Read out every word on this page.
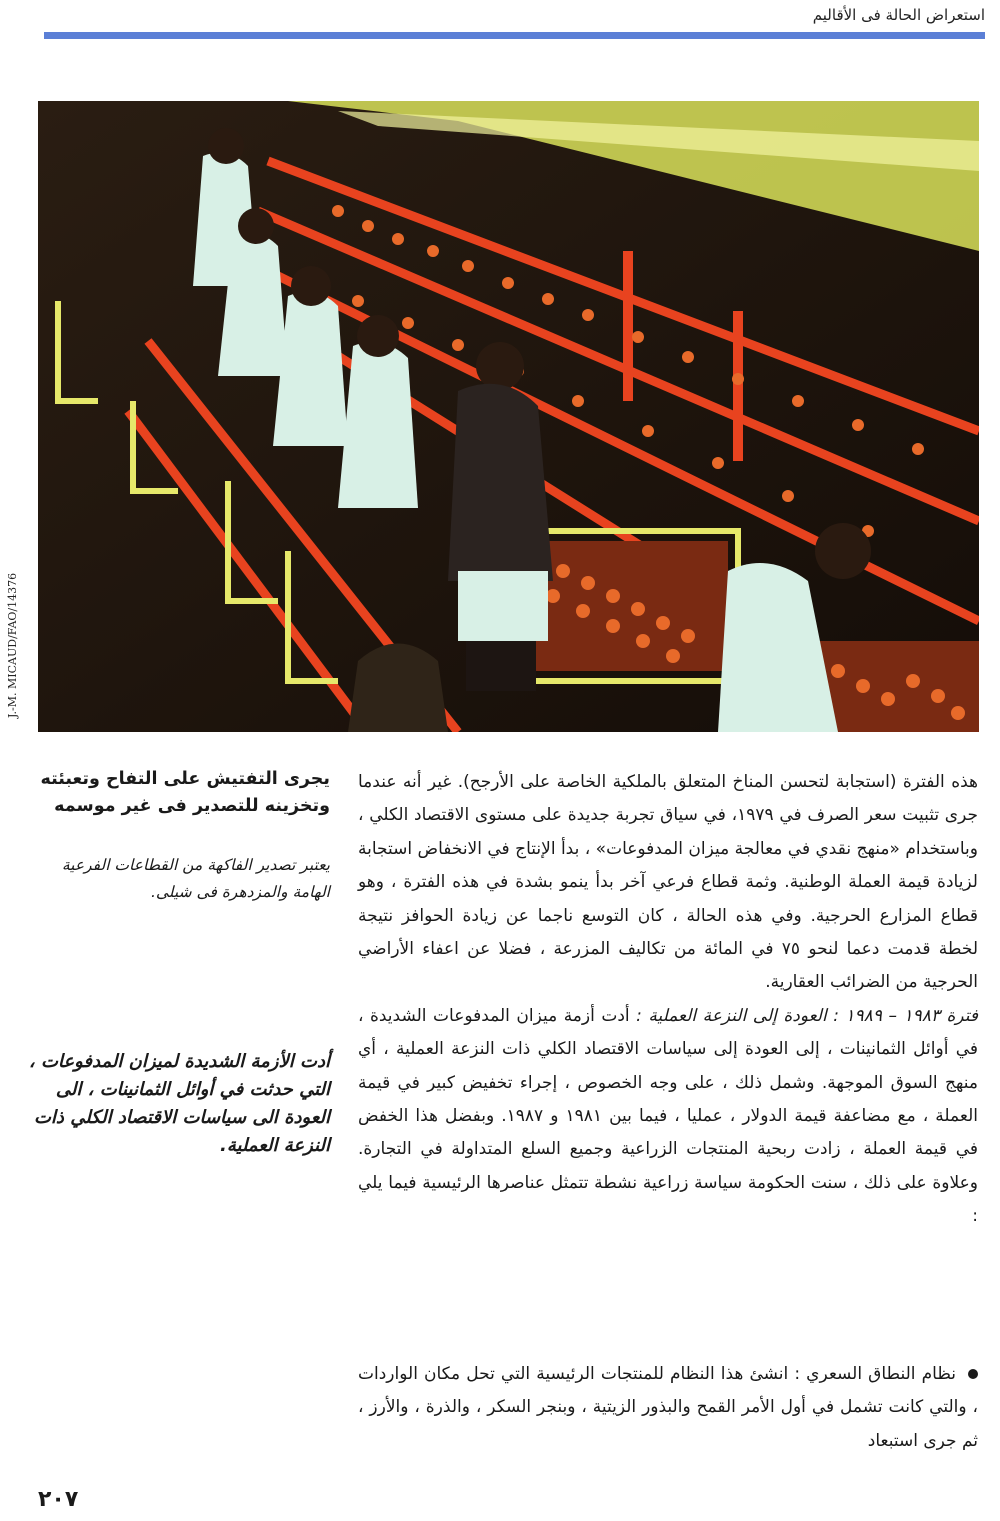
استعراض الحالة فى الأقاليم
J.-M. MICAUD/FAO/14376
يجرى التفتيش على التفاح وتعبئته وتخزينه للتصدير فى غير موسمه
يعتبر تصدير الفاكهة من القطاعات الفرعية الهامة والمزدهرة فى شيلى.
أدت الأزمة الشديدة لميزان المدفوعات ، التي حدثت في أوائل الثمانينات ، الى العودة الى سياسات الاقتصاد الكلي ذات النزعة العملية.

هذه الفترة (استجابة لتحسن المناخ المتعلق بالملكية الخاصة على الأرجح). غير أنه عندما جرى تثبيت سعر الصرف في ١٩٧٩، في سياق تجربة جديدة على مستوى الاقتصاد الكلي ، وباستخدام «منهج نقدي في معالجة ميزان المدفوعات» ، بدأ الإنتاج في الانخفاض استجابة لزيادة قيمة العملة الوطنية. وثمة قطاع فرعي آخر بدأ ينمو بشدة في هذه الفترة ، وهو قطاع المزارع الحرجية. وفي هذه الحالة ، كان التوسع ناجما عن زيادة الحوافز نتيجة لخطة قدمت دعما لنحو ٧٥ في المائة من تكاليف المزرعة ، فضلا عن اعفاء الأراضي الحرجية من الضرائب العقارية.

فترة ١٩٨٣ – ١٩٨٩ : العودة إلى النزعة العملية : أدت أزمة ميزان المدفوعات الشديدة ، في أوائل الثمانينات ، إلى العودة إلى سياسات الاقتصاد الكلي ذات النزعة العملية ، أي منهج السوق الموجهة. وشمل ذلك ، على وجه الخصوص ، إجراء تخفيض كبير في قيمة العملة ، مع مضاعفة قيمة الدولار ، عمليا ، فيما بين ١٩٨١ و ١٩٨٧. وبفضل هذا الخفض في قيمة العملة ، زادت ربحية المنتجات الزراعية وجميع السلع المتداولة في التجارة. وعلاوة على ذلك ، سنت الحكومة سياسة زراعية نشطة تتمثل عناصرها الرئيسية فيما يلي :

نظام النطاق السعري : انشئ هذا النظام للمنتجات الرئيسية التي تحل مكان الواردات ، والتي كانت تشمل في أول الأمر القمح والبذور الزيتية ، وبنجر السكر ، والذرة ، والأرز ، ثم جرى استبعاد
٢٠٧
